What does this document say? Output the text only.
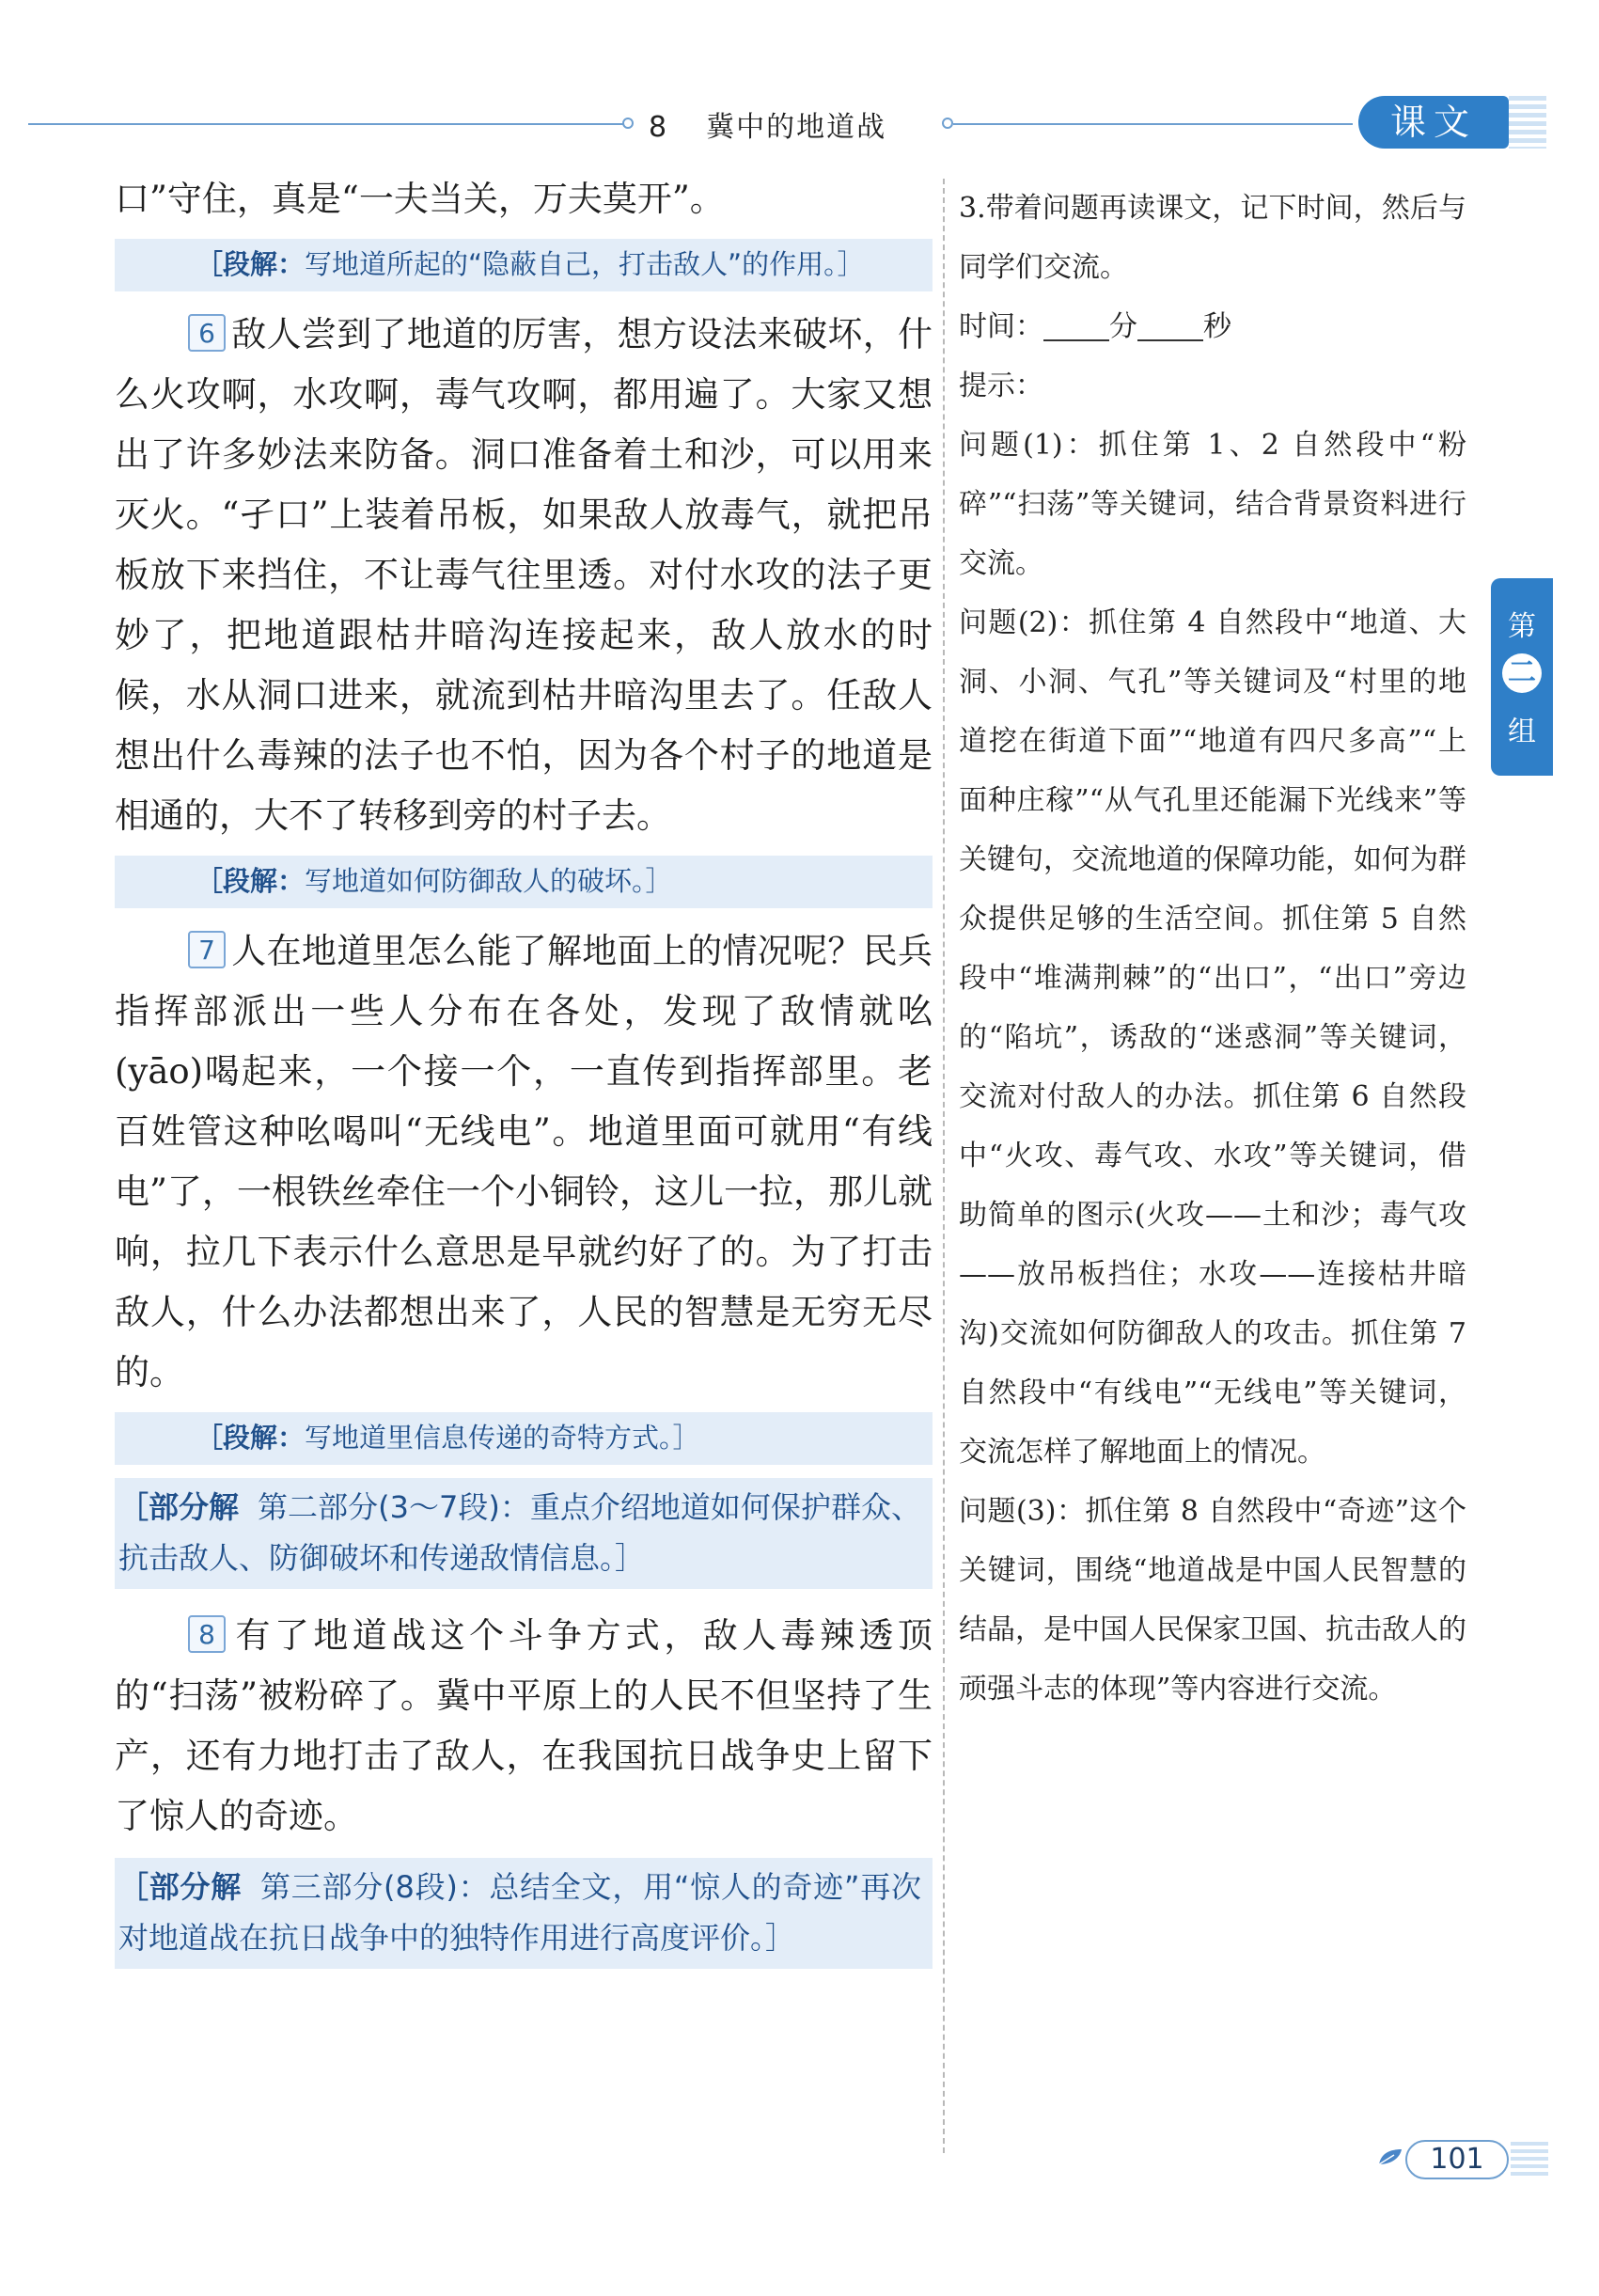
8 冀中的地道战	课文
第
二
组

口”守住，真是“一夫当关，万夫莫开”。

［段解：写地道所起的“隐蔽自己，打击敌人”的作用。］

6 敌人尝到了地道的厉害，想方设法来破坏，什么火攻啊，水攻啊，毒气攻啊，都用遍了。大家又想出了许多妙法来防备。洞口准备着土和沙，可以用来灭火。“孑口”上装着吊板，如果敌人放毒气，就把吊板放下来挡住，不让毒气往里透。对付水攻的法子更妙了，把地道跟枯井暗沟连接起来，敌人放水的时候，水从洞口进来，就流到枯井暗沟里去了。任敌人想出什么毒辣的法子也不怕，因为各个村子的地道是相通的，大不了转移到旁的村子去。

［段解：写地道如何防御敌人的破坏。］

7 人在地道里怎么能了解地面上的情况呢？民兵指挥部派出一些人分布在各处，发现了敌情就吆(yāo)喝起来，一个接一个，一直传到指挥部里。老百姓管这种吆喝叫“无线电”。地道里面可就用“有线电”了，一根铁丝牵住一个小铜铃，这儿一拉，那儿就响，拉几下表示什么意思是早就约好了的。为了打击敌人，什么办法都想出来了，人民的智慧是无穷无尽的。

［段解：写地道里信息传递的奇特方式。］
［部分解 第二部分(3～7段)：重点介绍地道如何保护群众、抗击敌人、防御破坏和传递敌情信息。］

8 有了地道战这个斗争方式，敌人毒辣透顶的“扫荡”被粉碎了。冀中平原上的人民不但坚持了生产，还有力地打击了敌人，在我国抗日战争史上留下了惊人的奇迹。

［部分解 第三部分(8段)：总结全文，用“惊人的奇迹”再次对地道战在抗日战争中的独特作用进行高度评价。］

3.带着问题再读课文，记下时间，然后与同学们交流。

时间： 分 秒

提示：

问题(1)：抓住第 1、2 自然段中“粉碎”“扫荡”等关键词，结合背景资料进行交流。

问题(2)：抓住第 4 自然段中“地道、大洞、小洞、气孔”等关键词及“村里的地道挖在街道下面”“地道有四尺多高”“上面种庄稼”“从气孔里还能漏下光线来”等关键句，交流地道的保障功能，如何为群众提供足够的生活空间。抓住第 5 自然段中“堆满荆棘”的“出口”，“出口”旁边的“陷坑”，诱敌的“迷惑洞”等关键词，交流对付敌人的办法。抓住第 6 自然段中“火攻、毒气攻、水攻”等关键词，借助简单的图示(火攻——土和沙；毒气攻——放吊板挡住；水攻——连接枯井暗沟)交流如何防御敌人的攻击。抓住第 7 自然段中“有线电”“无线电”等关键词，交流怎样了解地面上的情况。

问题(3)：抓住第 8 自然段中“奇迹”这个关键词，围绕“地道战是中国人民智慧的结晶，是中国人民保家卫国、抗击敌人的顽强斗志的体现”等内容进行交流。

101
